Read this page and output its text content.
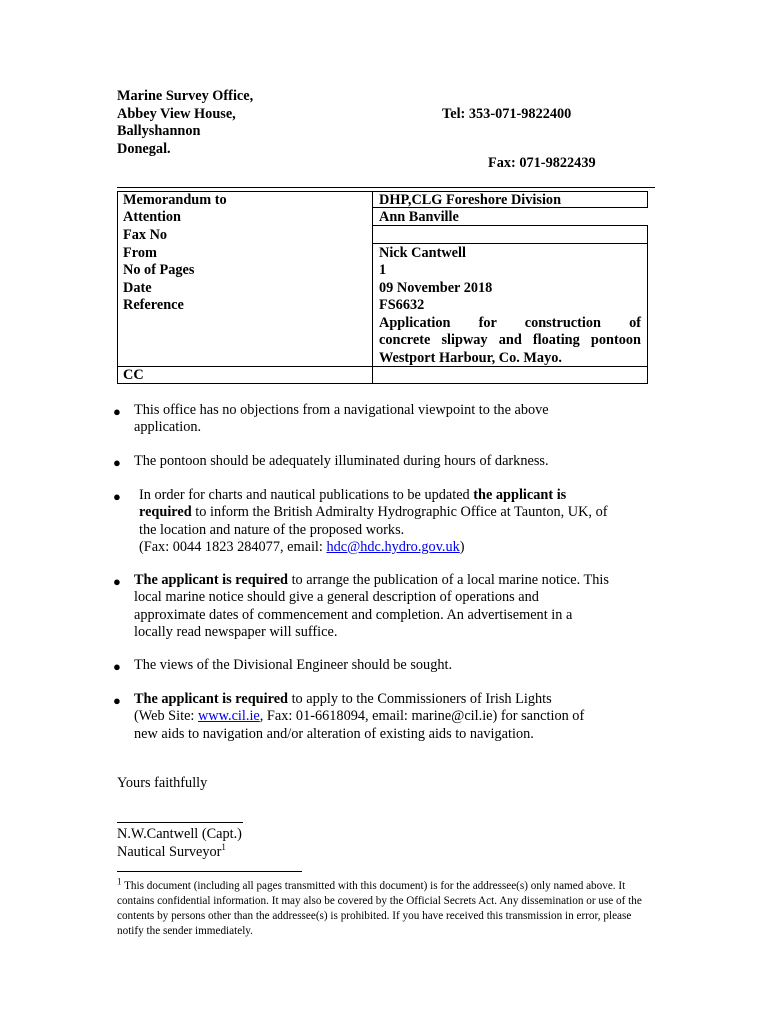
Marine Survey Office,
Abbey View House,
Ballyshannon
Donegal.
Tel: 353-071-9822400
Fax: 071-9822439
Memorandum to
Attention
Fax No
From
No of Pages
Date
Reference
CC
DHP,CLG Foreshore Division
Ann Banville
Nick Cantwell
1
09 November 2018
FS6632
Application for construction of
concrete slipway and floating pontoon
Westport Harbour, Co. Mayo.
● This office has no objections from a navigational viewpoint to the above
application.
● The pontoon should be adequately illuminated during hours of darkness.
● In order for charts and nautical publications to be updated the applicant is
required to inform the British Admiralty Hydrographic Office at Taunton, UK, of
the location and nature of the proposed works.
(Fax: 0044 1823 284077, email: hdc@hdc.hydro.gov.uk)
● The applicant is required to arrange the publication of a local marine notice. This
local marine notice should give a general description of operations and
approximate dates of commencement and completion. An advertisement in a
locally read newspaper will suffice.
● The views of the Divisional Engineer should be sought.
● The applicant is required to apply to the Commissioners of Irish Lights
(Web Site: www.cil.ie, Fax: 01-6618094, email: marine@cil.ie) for sanction of
new aids to navigation and/or alteration of existing aids to navigation.
Yours faithfully
N.W.Cantwell (Capt.)
Nautical Surveyor$^1$
$^1$ This document (including all pages transmitted with this document) is for the addressee(s) only named above. It contains confidential information. It may also be covered by the Official Secrets Act. Any dissemination or use of the contents by persons other than the addressee(s) is prohibited. If you have received this transmission in error, please notify the sender immediately.
